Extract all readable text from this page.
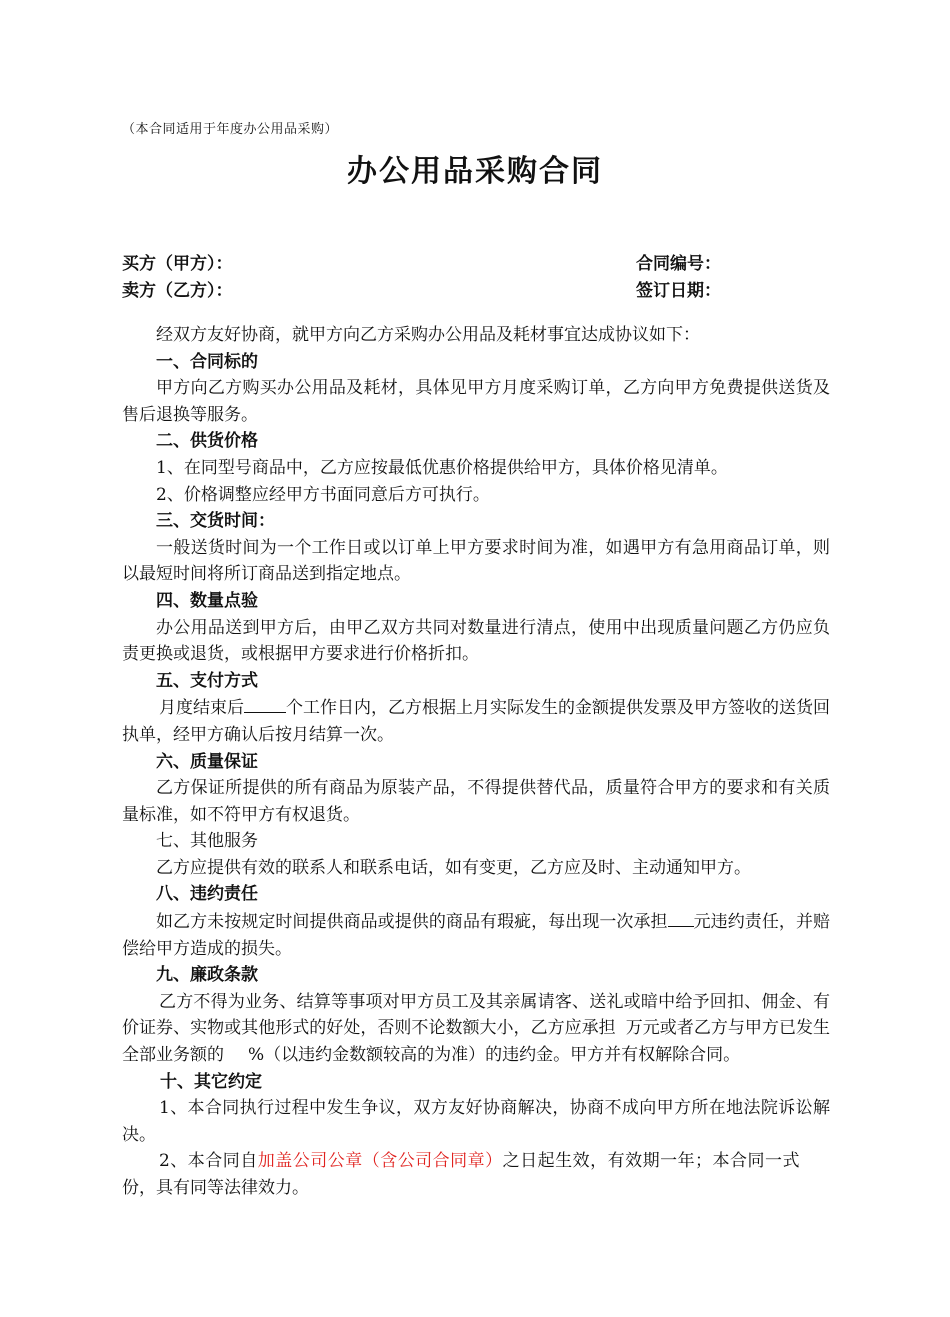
（本合同适用于年度办公用品采购）
办公用品采购合同
买方（甲方）：	合同编号：
卖方（乙方）：	签订日期：

经双方友好协商，就甲方向乙方采购办公用品及耗材事宜达成协议如下：

一、合同标的

甲方向乙方购买办公用品及耗材，具体见甲方月度采购订单，乙方向甲方免费提供送货及售后退换等服务。

二、供货价格

1、在同型号商品中，乙方应按最低优惠价格提供给甲方，具体价格见清单。

2、价格调整应经甲方书面同意后方可执行。

三、交货时间：

一般送货时间为一个工作日或以订单上甲方要求时间为准，如遇甲方有急用商品订单，则以最短时间将所订商品送到指定地点。

四、数量点验

办公用品送到甲方后，由甲乙双方共同对数量进行清点，使用中出现质量问题乙方仍应负责更换或退货，或根据甲方要求进行价格折扣。

五、支付方式

月度结束后 个工作日内，乙方根据上月实际发生的金额提供发票及甲方签收的送货回执单，经甲方确认后按月结算一次。

六、质量保证

乙方保证所提供的所有商品为原装产品，不得提供替代品，质量符合甲方的要求和有关质量标准，如不符甲方有权退货。

七、其他服务

乙方应提供有效的联系人和联系电话，如有变更，乙方应及时、主动通知甲方。

八、违约责任

如乙方未按规定时间提供商品或提供的商品有瑕疵，每出现一次承担 元违约责任，并赔偿给甲方造成的损失。

九、廉政条款

乙方不得为业务、结算等事项对甲方员工及其亲属请客、送礼或暗中给予回扣、佣金、有价证券、实物或其他形式的好处，否则不论数额大小，乙方应承担 万元或者乙方与甲方已发生全部业务额的 %（以违约金数额较高的为准）的违约金。甲方并有权解除合同。

十、其它约定

1、本合同执行过程中发生争议，双方友好协商解决，协商不成向甲方所在地法院诉讼解决。

2、本合同自加盖公司公章（含公司合同章）之日起生效，有效期一年；本合同一式份，具有同等法律效力。
